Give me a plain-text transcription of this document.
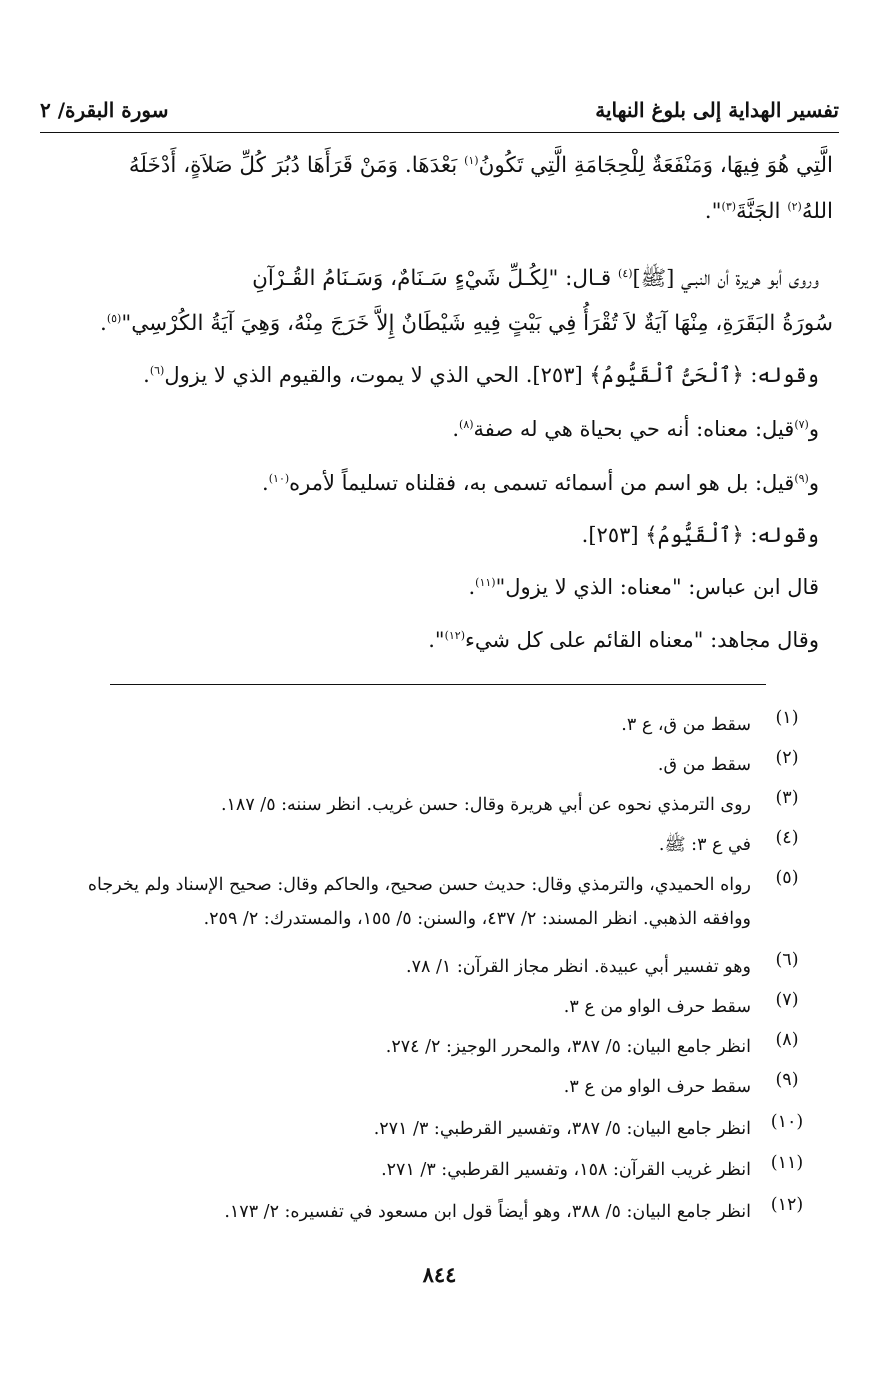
تفسير الهداية إلى بلوغ النهاية
سورة البقرة/ ٢
الَّتِي هُوَ فِيهَا، وَمَنْفَعَةٌ لِلْحِجَامَةِ الَّتِي تَكُونُ$^{(١)}$ بَعْدَهَا. وَمَنْ قَرَأَهَا دُبُرَ كُلِّ صَلاَةٍ، أَدْخَلَهُ
اللهُ$^{(٢)}$ الجَنَّةَ$^{(٣)}$".
وروى أبو هريرة أن النبـي [ﷺ]$^{(٤)}$ قـال: "لِكُـلِّ شَيْءٍ سَـنَامٌ، وَسَـنَامُ القُـرْآنِ
سُورَةُ البَقَرَةِ، مِنْهَا آيَةٌ لاَ تُقْرَأُ فِي بَيْتٍ فِيهِ شَيْطَانٌ إِلاَّ خَرَجَ مِنْهُ، وَهِيَ آيَةُ الكُرْسِي"$^{(٥)}$.
وقوله: ﴿ٱلْحَىُّ ٱلْقَيُّومُ﴾ [٢٥٣]. الحي الذي لا يموت، والقيوم الذي لا يزول$^{(٦)}$.
و$^{(٧)}$قيل: معناه: أنه حي بحياة هي له صفة$^{(٨)}$.
و$^{(٩)}$قيل: بل هو اسم من أسمائه تسمى به، فقلناه تسليماً لأمره$^{(١٠)}$.
وقوله: ﴿ٱلْقَيُّومُ﴾ [٢٥٣].
قال ابن عباس: "معناه: الذي لا يزول"$^{(١١)}$.
وقال مجاهد: "معناه القائم على كل شيء$^{(١٢)}$".
(١)
سقط من ق، ع ٣.
(٢)
سقط من ق.
(٣)
روى الترمذي نحوه عن أبي هريرة وقال: حسن غريب. انظر سننه: ٥/ ١٨٧.
(٤)
في ع ٣: ﷺ.
(٥)
رواه الحميدي، والترمذي وقال: حديث حسن صحيح، والحاكم وقال: صحيح الإسناد ولم يخرجاه ووافقه الذهبي. انظر المسند: ٢/ ٤٣٧، والسنن: ٥/ ١٥٥، والمستدرك: ٢/ ٢٥٩.
(٦)
وهو تفسير أبي عبيدة. انظر مجاز القرآن: ١/ ٧٨.
(٧)
سقط حرف الواو من ع ٣.
(٨)
انظر جامع البيان: ٥/ ٣٨٧، والمحرر الوجيز: ٢/ ٢٧٤.
(٩)
سقط حرف الواو من ع ٣.
(١٠)
انظر جامع البيان: ٥/ ٣٨٧، وتفسير القرطبي: ٣/ ٢٧١.
(١١)
انظر غريب القرآن: ١٥٨، وتفسير القرطبي: ٣/ ٢٧١.
(١٢)
انظر جامع البيان: ٥/ ٣٨٨، وهو أيضاً قول ابن مسعود في تفسيره: ٢/ ١٧٣.
٨٤٤
